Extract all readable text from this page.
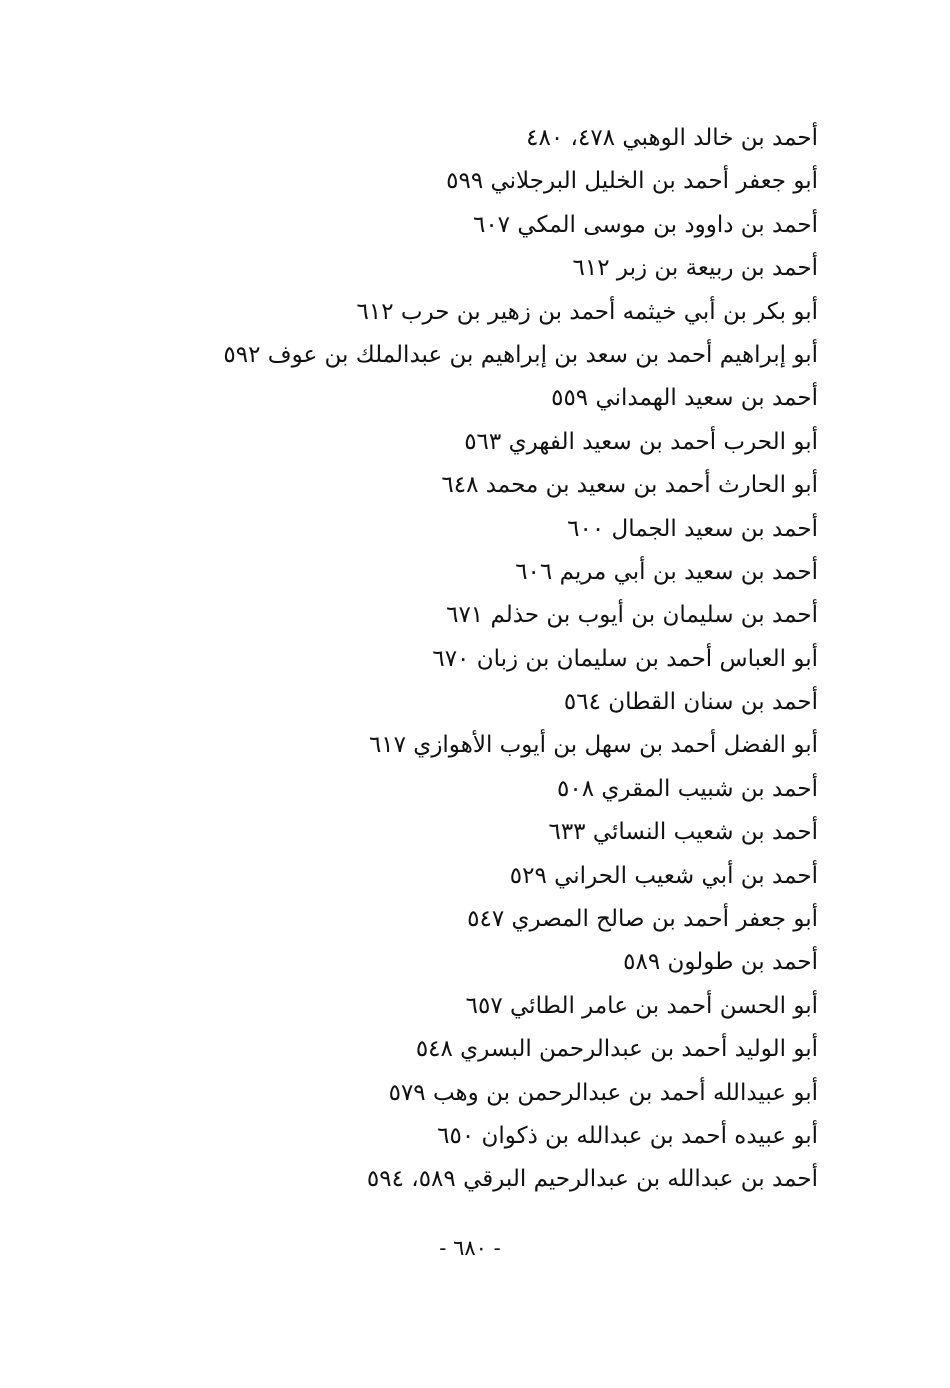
أحمد بن خالد الوهبي ٤٧٨، ٤٨٠
أبو جعفر أحمد بن الخليل البرجلاني ٥٩٩
أحمد بن داوود بن موسى المكي ٦٠٧
أحمد بن ربيعة بن زبر ٦١٢
أبو بكر بن أبي خيثمه أحمد بن زهير بن حرب ٦١٢
أبو إبراهيم أحمد بن سعد بن إبراهيم بن عبدالملك بن عوف ٥٩٢
أحمد بن سعيد الهمداني ٥٥٩
أبو الحرب أحمد بن سعيد الفهري ٥٦٣
أبو الحارث أحمد بن سعيد بن محمد ٦٤٨
أحمد بن سعيد الجمال ٦٠٠
أحمد بن سعيد بن أبي مريم ٦٠٦
أحمد بن سليمان بن أيوب بن حذلم ٦٧١
أبو العباس أحمد بن سليمان بن زبان ٦٧٠
أحمد بن سنان القطان ٥٦٤
أبو الفضل أحمد بن سهل بن أيوب الأهوازي ٦١٧
أحمد بن شبيب المقري ٥٠٨
أحمد بن شعيب النسائي ٦٣٣
أحمد بن أبي شعيب الحراني ٥٢٩
أبو جعفر أحمد بن صالح المصري ٥٤٧
أحمد بن طولون ٥٨٩
أبو الحسن أحمد بن عامر الطائي ٦٥٧
أبو الوليد أحمد بن عبدالرحمن البسري ٥٤٨
أبو عبيدالله أحمد بن عبدالرحمن بن وهب ٥٧٩
أبو عبيده أحمد بن عبدالله بن ذكوان ٦٥٠
أحمد بن عبدالله بن عبدالرحيم البرقي ٥٨٩، ٥٩٤
- ٦٨٠ -
